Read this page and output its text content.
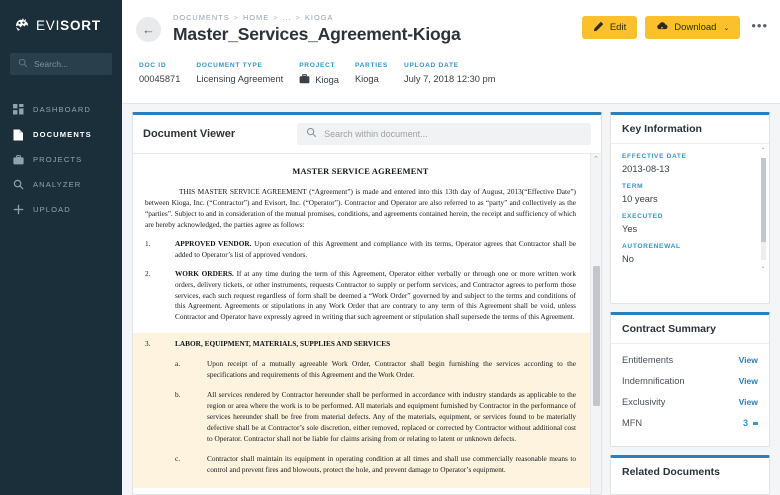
EVISORT
Search...
DASHBOARD
DOCUMENTS
PROJECTS
ANALYZER
UPLOAD
←
DOCUMENTS > HOME > ... > KIOGA
Master_Services_Agreement-Kioga	Edit	Download ⌄ •••
DOC ID
00045871
DOCUMENT TYPE
Licensing Agreement
PROJECT
Kioga
PARTIES
Kioga
UPLOAD DATE
July 7, 2018 12:30 pm
Document Viewer
Search within document...
MASTER SERVICE AGREEMENT

THIS MASTER SERVICE AGREEMENT (“Agreement”) is made and entered into this 13th day of August, 2013(“Effective Date”) between Kioga, Inc. (“Contractor”) and Evisort, Inc. (“Operator”). Contractor and Operator are also referred to as “party” and collectively as the “parties”. Subject to and in consideration of the mutual promises, conditions, and agreements contained herein, the receipt and sufficiency of which are hereby acknowledged, the parties agree as follows:

1.	APPROVED VENDOR. Upon execution of this Agreement and compliance with its terms, Operator agrees that Contractor shall be added to Operator’s list of approved vendors.
2.	WORK ORDERS. If at any time during the term of this Agreement, Operator either verbally or through one or more written work orders, delivery tickets, or other instruments, requests Contractor to supply or perform services, and Contractor agrees to perform those services, each such request regardless of form shall be deemed a “Work Order” governed by and subject to the terms and conditions of this Agreement. Agreements or stipulations in any Work Order that are contrary to any term of this Agreement shall be void, unless Contractor and Operator have expressly agreed in writing that such agreement or stipulation shall supersede the terms of this Agreement.
3.	LABOR, EQUIPMENT, MATERIALS, SUPPLIES AND SERVICES
a.	Upon receipt of a mutually agreeable Work Order, Contractor shall begin furnishing the services according to the specifications and requirements of this Agreement and the Work Order.
b.	All services rendered by Contractor hereunder shall be performed in accordance with industry standards as applicable to the region or area where the work is to be performed. All materials and equipment furnished by Contractor in the performance of services hereunder shall be free from material defects. Any of the materials, equipment, or services found to be materially defective shall be at Contractor’s sole discretion, either removed, replaced or corrected by Contractor without additional cost to Operator. Contractor shall not be liable for claims arising from or relating to latent or unknown defects.
c.	Contractor shall maintain its equipment in operating condition at all times and shall use commercially reasonable means to control and prevent fires and blowouts, protect the hole, and prevent damage to Operator’s equipment.
⌃
Key Information
EFFECTIVE DATE
2013-08-13
TERM
10 years
EXECUTED
Yes
AUTORENEWAL
No
⌃
⌄
Contract Summary
Entitlements	View
Indemnification	View
Exclusivity	View
MFN	3
Related Documents
